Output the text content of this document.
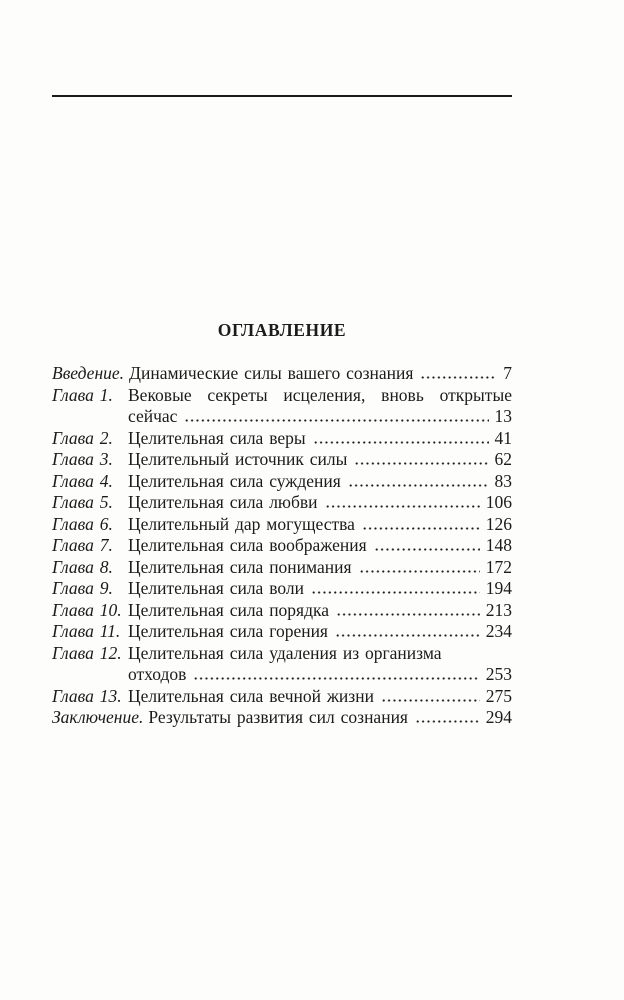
ОГЛАВЛЕНИЕ
Введение. Динамические силы вашего сознания	7
Глава 1. Вековые секреты исцеления, вновь открытые
сейчас	13
Глава 2. Целительная сила веры	41
Глава 3. Целительный источник силы	62
Глава 4. Целительная сила суждения	83
Глава 5. Целительная сила любви	106
Глава 6. Целительный дар могущества	126
Глава 7. Целительная сила воображения	148
Глава 8. Целительная сила понимания	172
Глава 9. Целительная сила воли	194
Глава 10. Целительная сила порядка	213
Глава 11. Целительная сила горения	234
Глава 12. Целительная сила удаления из организма
отходов	253
Глава 13. Целительная сила вечной жизни	275
Заключение. Результаты развития сил сознания	294
